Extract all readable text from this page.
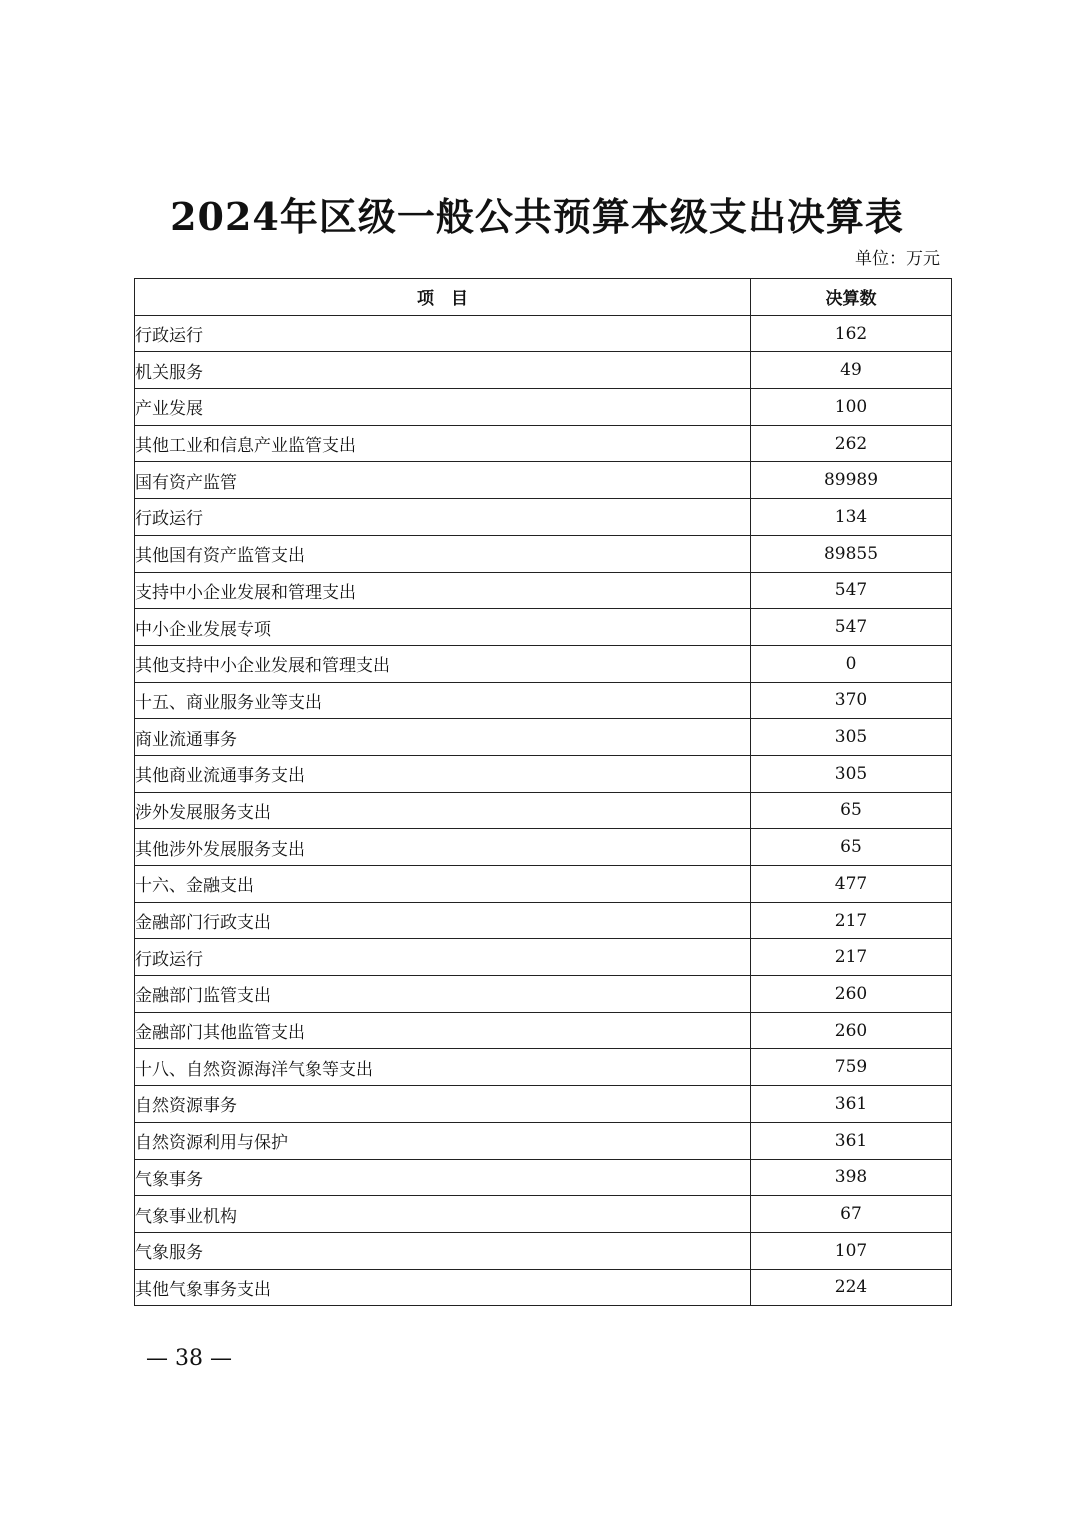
2024年区级一般公共预算本级支出决算表
单位：万元
项　目	决算数
行政运行	162
机关服务	49
产业发展	100
其他工业和信息产业监管支出	262
国有资产监管	89989
行政运行	134
其他国有资产监管支出	89855
支持中小企业发展和管理支出	547
中小企业发展专项	547
其他支持中小企业发展和管理支出	0
十五、商业服务业等支出	370
商业流通事务	305
其他商业流通事务支出	305
涉外发展服务支出	65
其他涉外发展服务支出	65
十六、金融支出	477
金融部门行政支出	217
行政运行	217
金融部门监管支出	260
金融部门其他监管支出	260
十八、自然资源海洋气象等支出	759
自然资源事务	361
自然资源利用与保护	361
气象事务	398
气象事业机构	67
气象服务	107
其他气象事务支出	224
— 38 —
